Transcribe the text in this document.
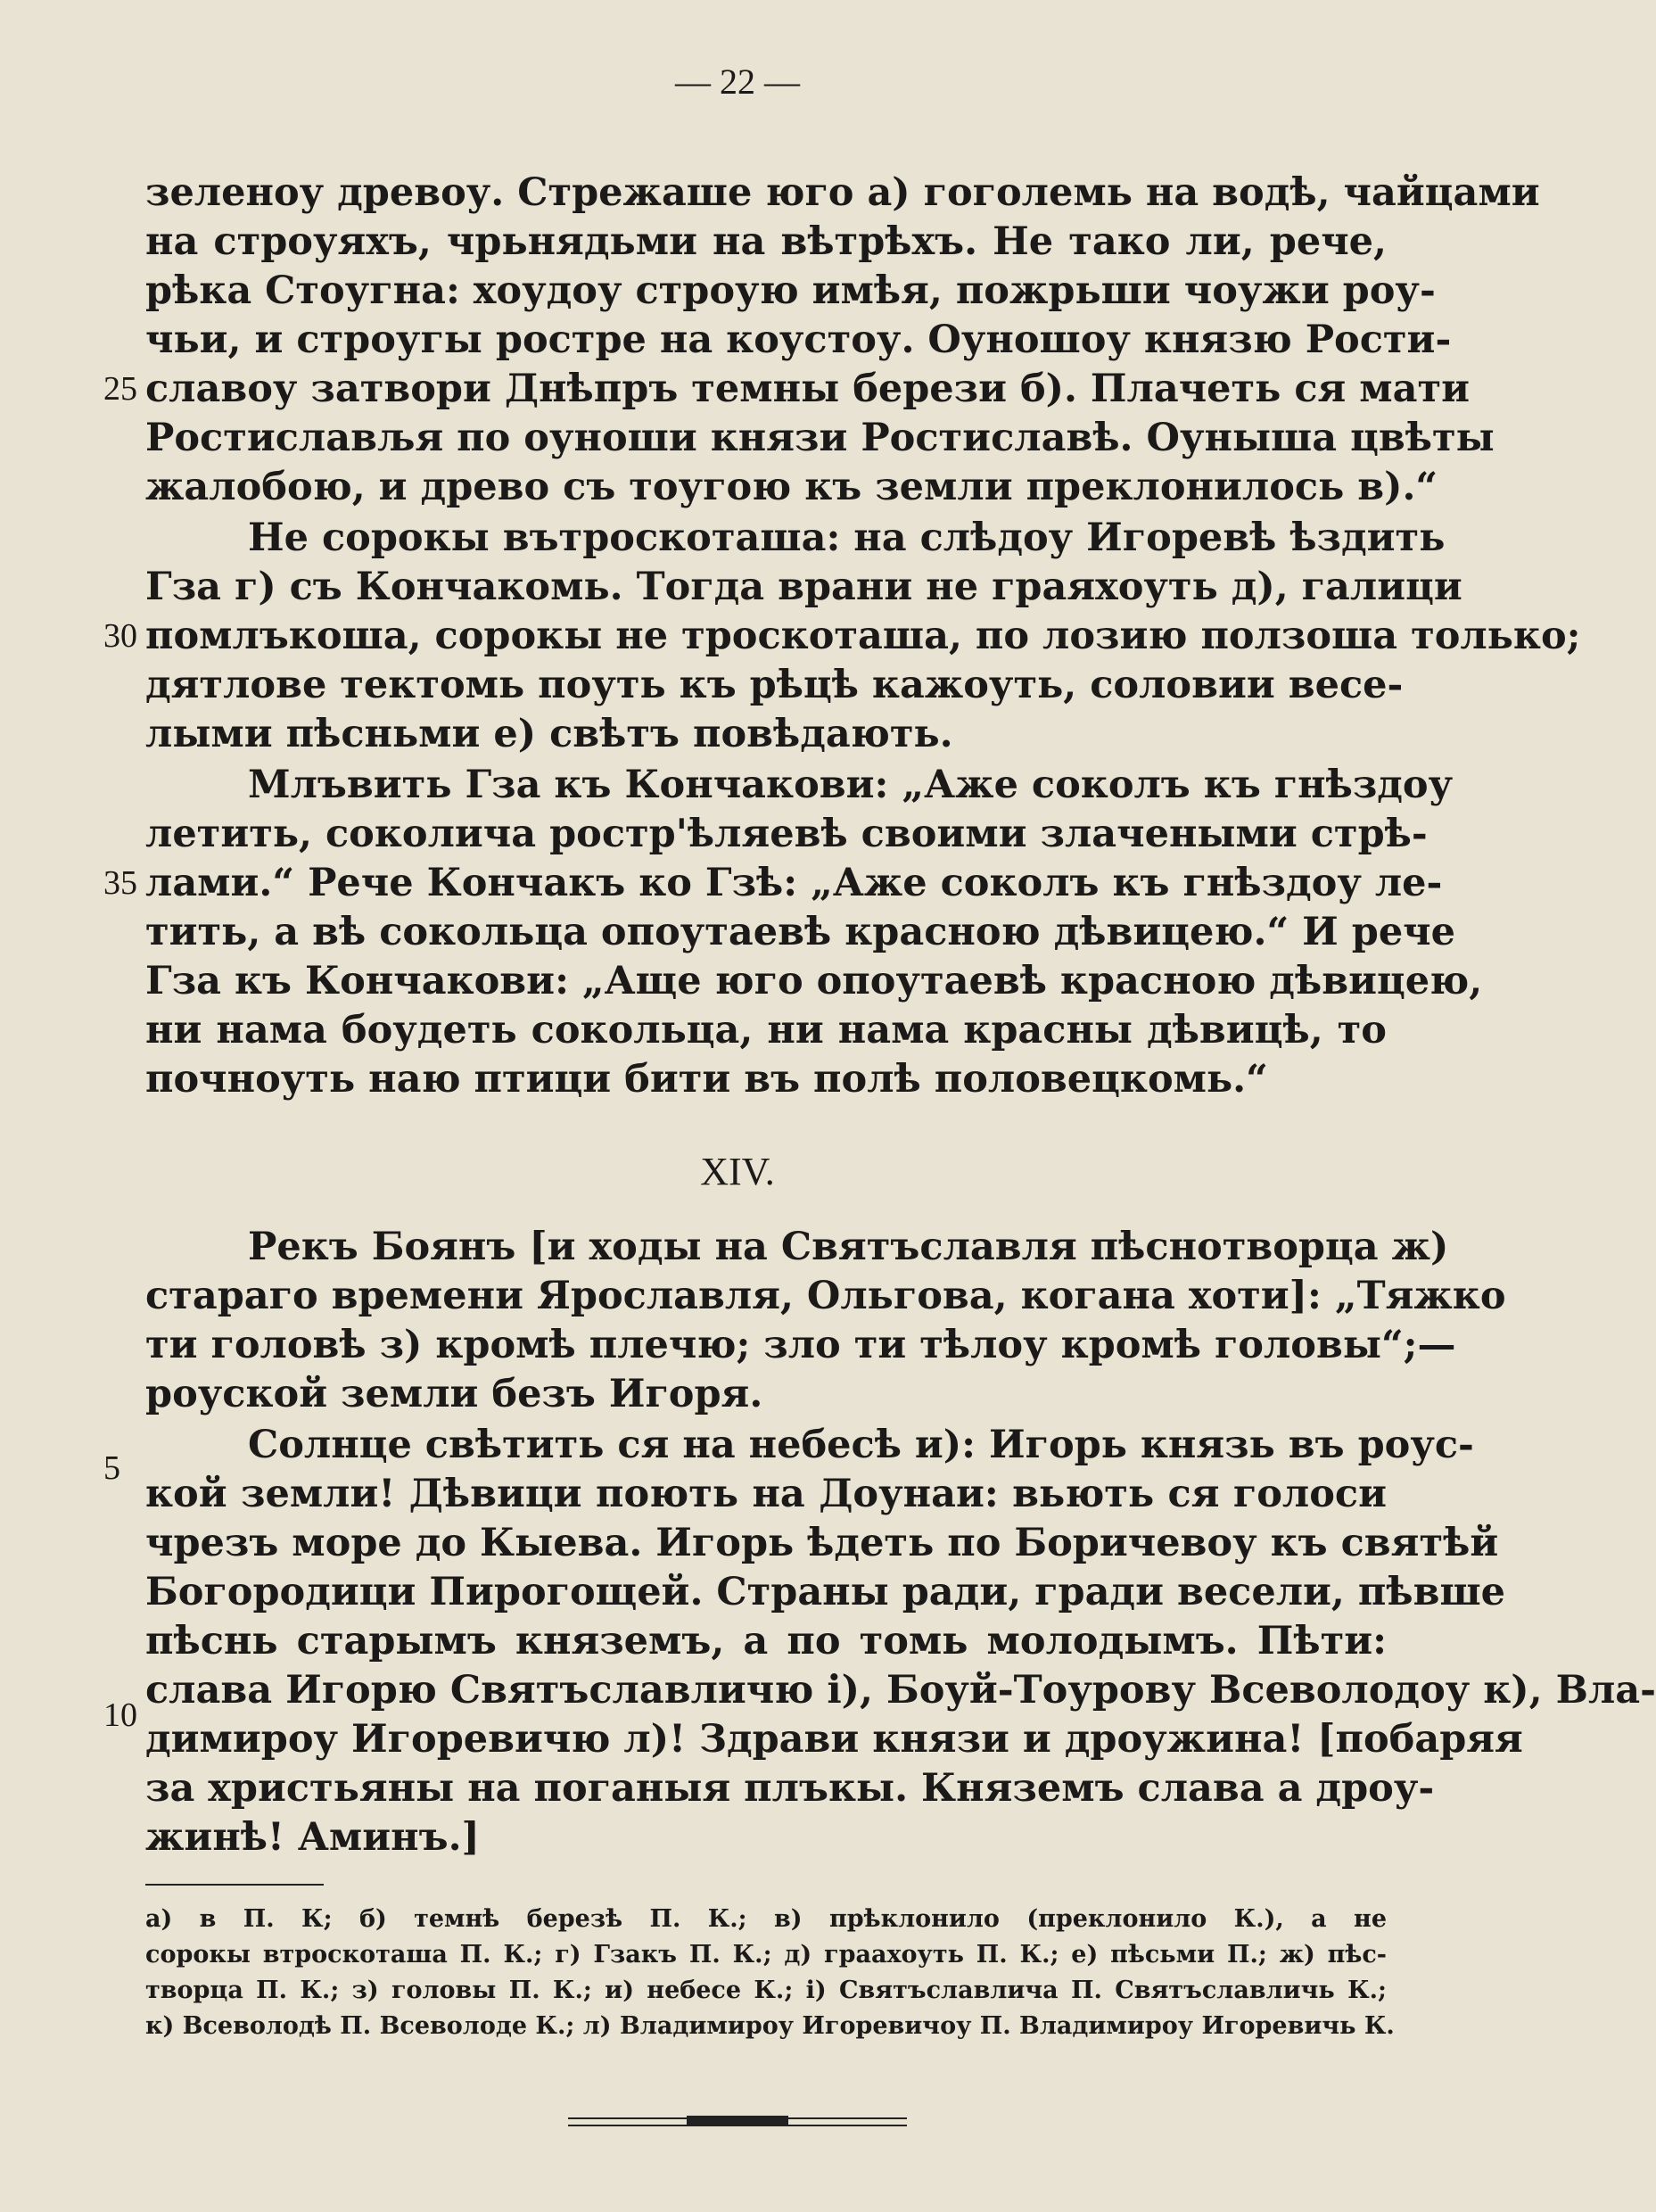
— 22 —
зеленоу древоу. Стрежаше юго а) гоголемь на водѣ, чайцами
на строуяхъ, чрьнядьми на вѣтрѣхъ. Не тако ли, рече,
рѣка Стоугна: хоудоу строую имѣя, пожрьши чоужи роу-
чьи, и строугы ростре на коустоу. Оуношоу князю Рости-
славоу затвори Днѣпръ темны берези б). Плачеть ся мати
Ростислављя по оуноши князи Ростиславѣ. Оуныша цвѣты
жалобою, и древо съ тоугою къ земли преклонилось в).“
Не сорокы вътроскоташа: на слѣдоу Игоревѣ ѣздить
Гза г) съ Кончакомь. Тогда врани не граяхоуть д), галици
помлъкоша, сорокы не троскоташа, по лозию ползоша только;
дятлове тектомь поуть къ рѣцѣ кажоуть, соловии весе-
лыми пѣсньми е) свѣтъ повѣдають.
Млъвить Гза къ Кончакови: „Аже соколъ къ гнѣздоу
летить, соколича ростр'ѣляевѣ своими злачеными стрѣ-
лами.“ Рече Кончакъ ко Гзѣ: „Аже соколъ къ гнѣздоу ле-
тить, а вѣ сокольца опоутаевѣ красною дѣвицею.“ И рече
Гза къ Кончакови: „Аще юго опоутаевѣ красною дѣвицею,
ни нама боудеть сокольца, ни нама красны дѣвицѣ, то
почноуть наю птици бити въ полѣ половецкомь.“
25
30
35
XIV.
Рекъ Боянъ [и ходы на Святъславля пѣснотворца ж)
стараго времени Ярославля, Ольгова, когана хоти]: „Тяжко
ти головѣ з) кромѣ плечю; зло ти тѣлоу кромѣ головы“;—
роуской земли безъ Игоря.
Солнце свѣтить ся на небесѣ и): Игорь князь въ роус-
кой земли! Дѣвици поють на Доунаи: вьють ся голоси
чрезъ море до Кыева. Игорь ѣдеть по Боричевоу къ святѣй
Богородици Пирогощей. Страны ради, гради весели, пѣвше
пѣснь старымъ княземъ, а по томь молодымъ. Пѣти:
слава Игорю Святъславличю і), Боуй-Тоурову Всеволодоу к), Вла-
димироу Игоревичю л)! Здрави князи и дроужина! [побаряя
за христьяны на поганыя плъкы. Княземъ слава а дроу-
жинѣ! Аминъ.]
5
10
а) в П. К; б) темнѣ березѣ П. К.; в) прѣклонило (преклонило К.), а не
сорокы втроскоташа П. К.; г) Гзакъ П. К.; д) граахоуть П. К.; е) пѣсьми П.; ж) пѣс-
творца П. К.; з) головы П. К.; и) небесе К.; і) Святъславлича П. Святъславличь К.;
к) Всеволодѣ П. Всеволоде К.; л) Владимироу Игоревичоу П. Владимироу Игоревичь К.
